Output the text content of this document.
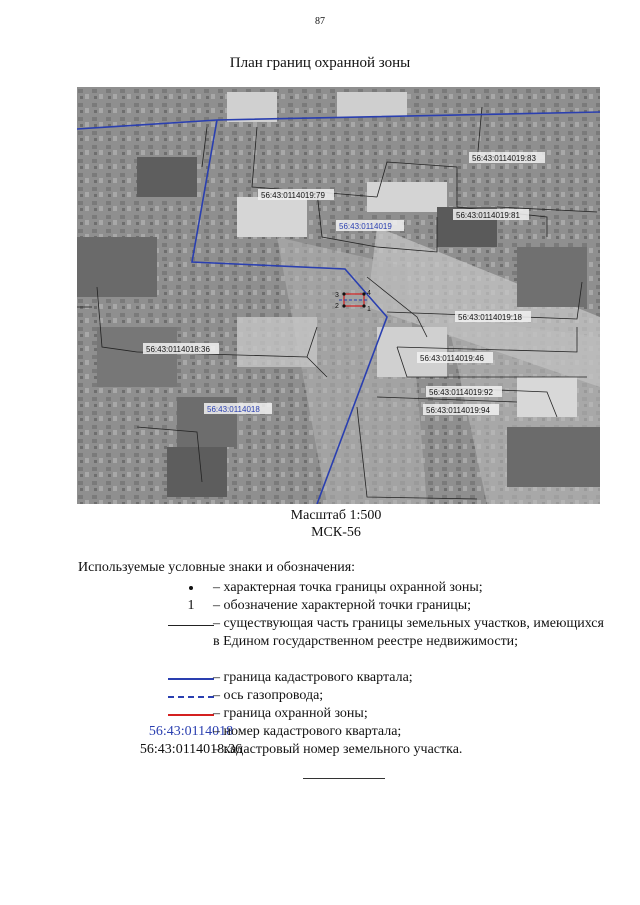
87
План границ охранной зоны
3	4
2	1
56:43:0114019:83
56:43:0114019:79
56:43:0114019:81
56:43:0114019:18
56:43:0114018:36
56:43:0114019:46
56:43:0114019:92
56:43:0114019:94
56:43:0114019
56:43:0114018
Масштаб 1:500
МСК-56
Используемые условные знаки и обозначения:
– характерная точка границы охранной зоны;
1	– обозначение характерной точки границы;
– существующая часть границы земельных участков, имеющихся в Едином государственном реестре недвижимости;
– граница кадастрового квартала;
– ось газопровода;
– граница охранной зоны;
56:43:0114018
– номер кадастрового квартала;
56:43:0114018:36
– кадастровый номер земельного участка.
